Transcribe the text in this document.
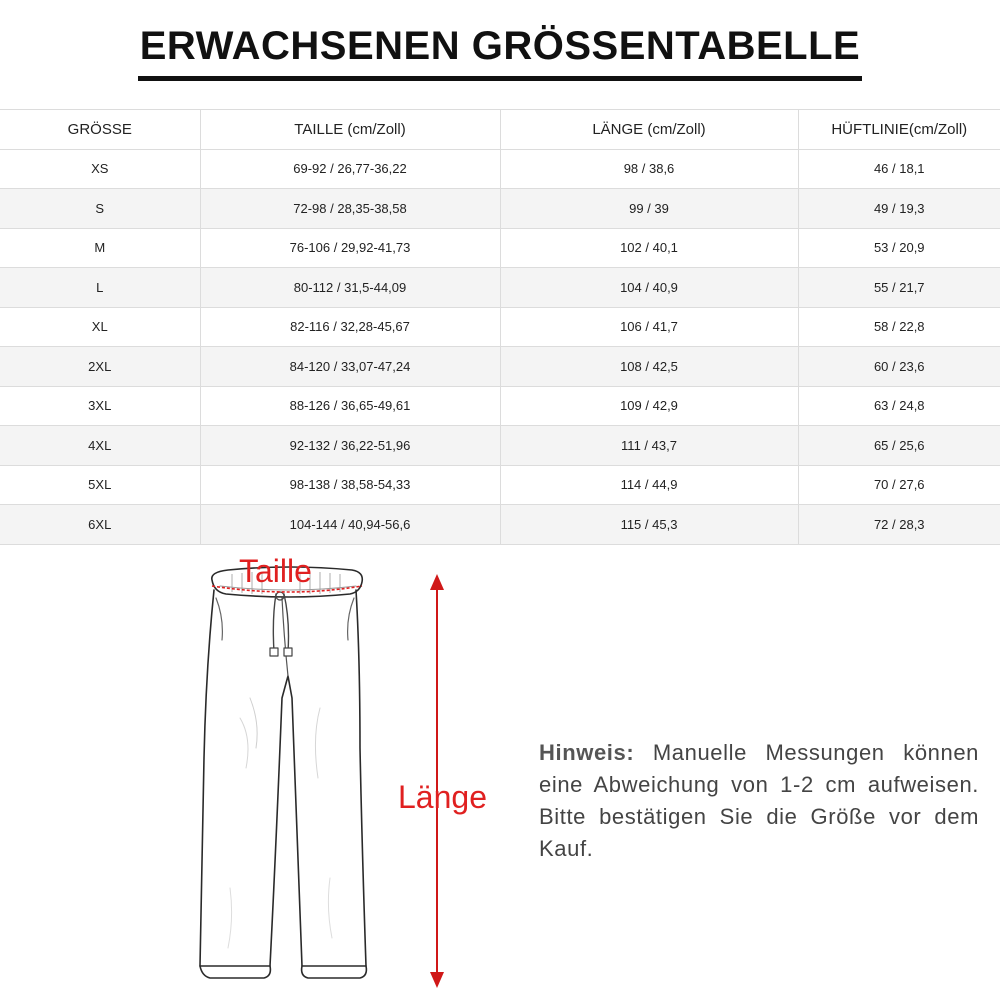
ERWACHSENEN GRÖSSENTABELLE
GRÖSSE	TAILLE (cm/Zoll)	LÄNGE (cm/Zoll)	HÜFTLINIE(cm/Zoll)
XS	69-92 / 26,77-36,22	98 / 38,6	46 / 18,1
S	72-98 / 28,35-38,58	99 / 39	49 / 19,3
M	76-106 / 29,92-41,73	102 / 40,1	53 / 20,9
L	80-112 / 31,5-44,09	104 / 40,9	55 / 21,7
XL	82-116 / 32,28-45,67	106 / 41,7	58 / 22,8
2XL	84-120 / 33,07-47,24	108 / 42,5	60 / 23,6
3XL	88-126 / 36,65-49,61	109 / 42,9	63 / 24,8
4XL	92-132 / 36,22-51,96	111 / 43,7	65 / 25,6
5XL	98-138 / 38,58-54,33	114 / 44,9	70 / 27,6
6XL	104-144 / 40,94-56,6	115 / 45,3	72 / 28,3
Taille
Länge
Hinweis: Manuelle Messungen können eine Abweichung von 1-2 cm aufweisen. Bitte bestätigen Sie die Größe vor dem Kauf.
